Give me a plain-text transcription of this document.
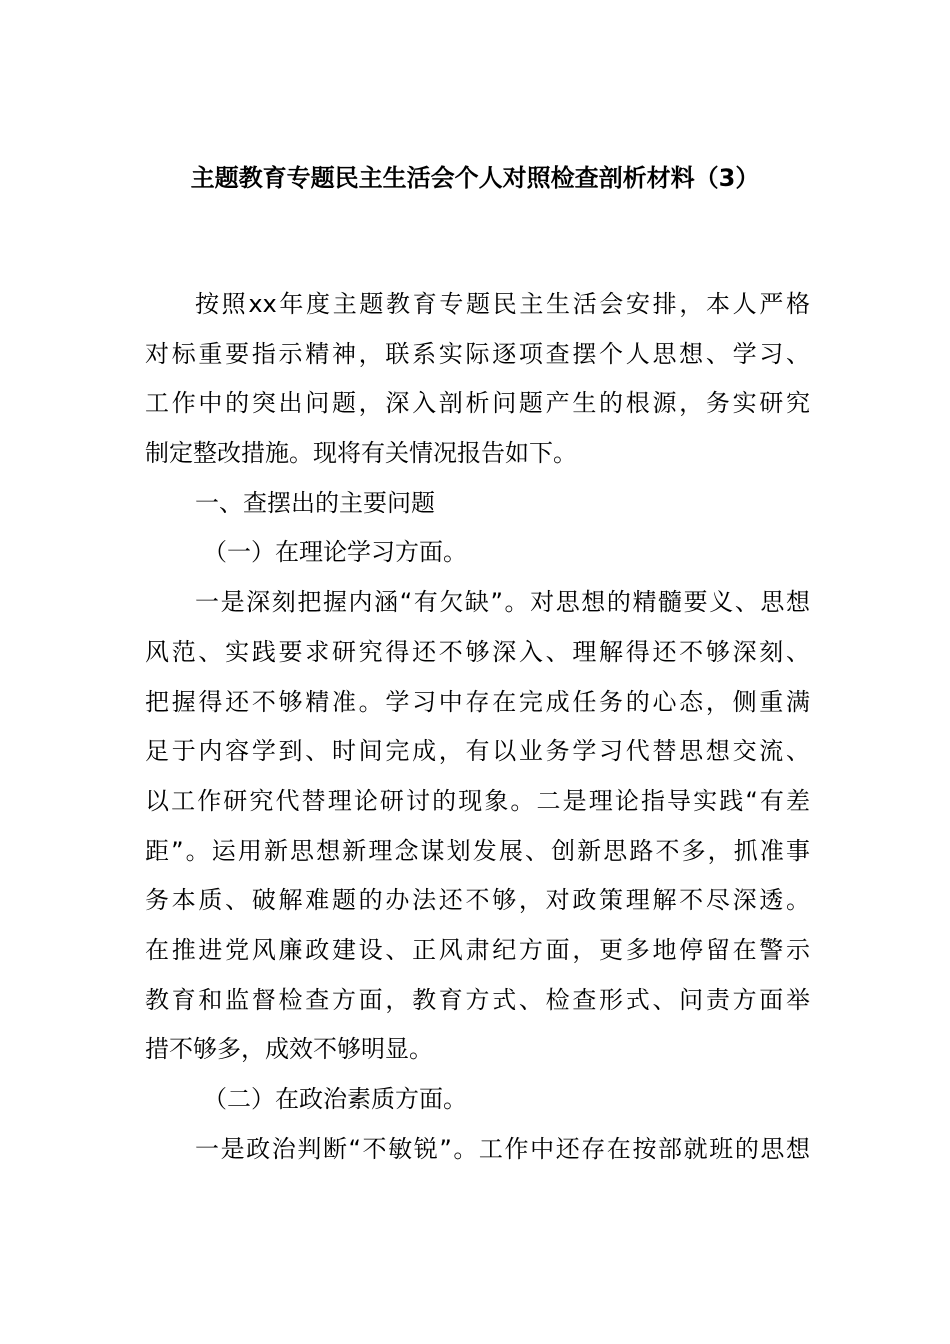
主题教育专题民主生活会个人对照检查剖析材料（3）
按照xx年度主题教育专题民主生活会安排，本人严格
对标重要指示精神，联系实际逐项查摆个人思想、学习、
工作中的突出问题，深入剖析问题产生的根源，务实研究
制定整改措施。现将有关情况报告如下。
一、查摆出的主要问题
（一）在理论学习方面。
一是深刻把握内涵“有欠缺”。对思想的精髓要义、思想
风范、实践要求研究得还不够深入、理解得还不够深刻、
把握得还不够精准。学习中存在完成任务的心态，侧重满
足于内容学到、时间完成，有以业务学习代替思想交流、
以工作研究代替理论研讨的现象。二是理论指导实践“有差
距”。运用新思想新理念谋划发展、创新思路不多，抓准事
务本质、破解难题的办法还不够，对政策理解不尽深透。
在推进党风廉政建设、正风肃纪方面，更多地停留在警示
教育和监督检查方面，教育方式、检查形式、问责方面举
措不够多，成效不够明显。
（二）在政治素质方面。
一是政治判断“不敏锐”。工作中还存在按部就班的思想
